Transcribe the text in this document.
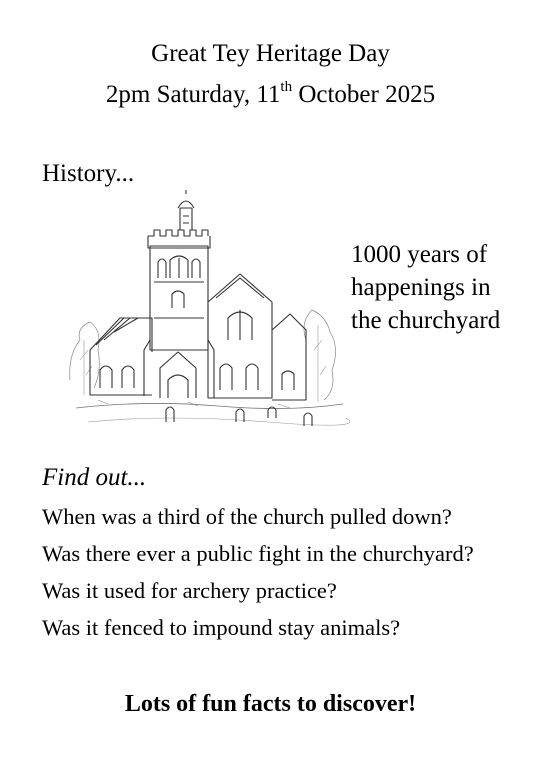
Great Tey Heritage Day
2pm Saturday, 11th October 2025
History...
1000 years of
happenings in
the churchyard
Find out...
When was a third of the church pulled down?
Was there ever a public fight in the churchyard?
Was it used for archery practice?
Was it fenced to impound stay animals?
Lots of fun facts to discover!
